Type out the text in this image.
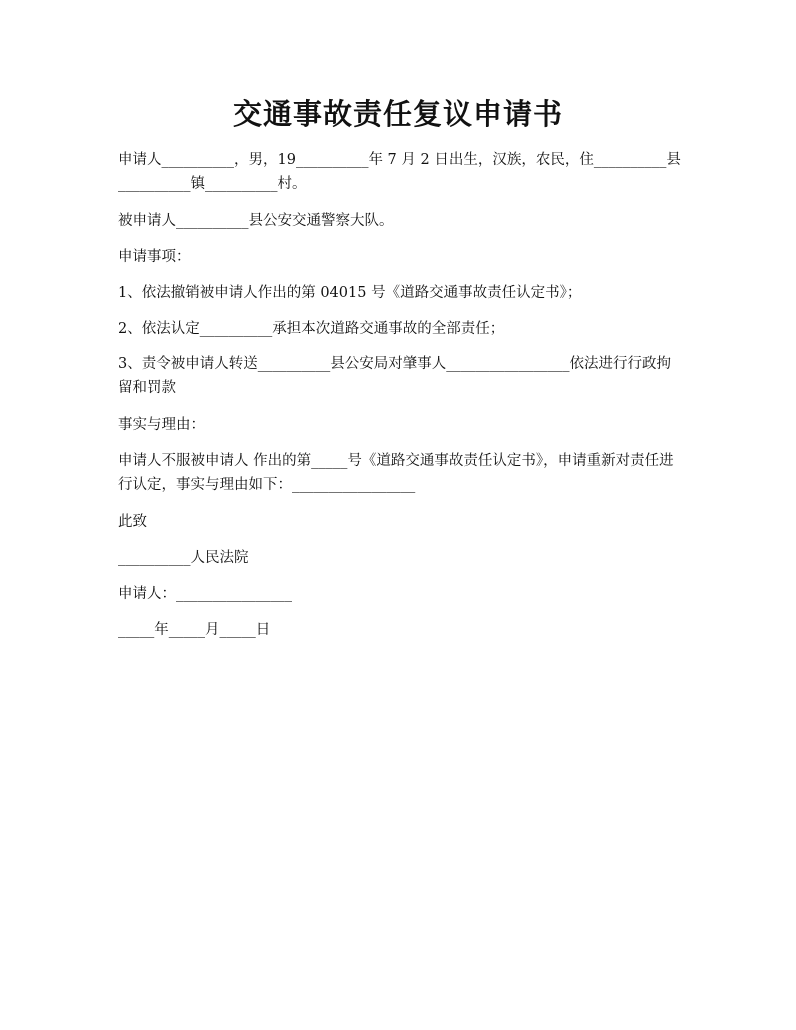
交通事故责任复议申请书

申请人__________，男，19__________年 7 月 2 日出生，汉族，农民，住__________县__________镇__________村。

被申请人__________县公安交通警察大队。

申请事项：

1、依法撤销被申请人作出的第 04015 号《道路交通事故责任认定书》；

2、依法认定__________承担本次道路交通事故的全部责任；

3、责令被申请人转送__________县公安局对肇事人_________________依法进行行政拘留和罚款

事实与理由：

申请人不服被申请人 作出的第_____号《道路交通事故责任认定书》，申请重新对责任进行认定，事实与理由如下：_________________

此致

__________人民法院

申请人：________________

_____年_____月_____日
